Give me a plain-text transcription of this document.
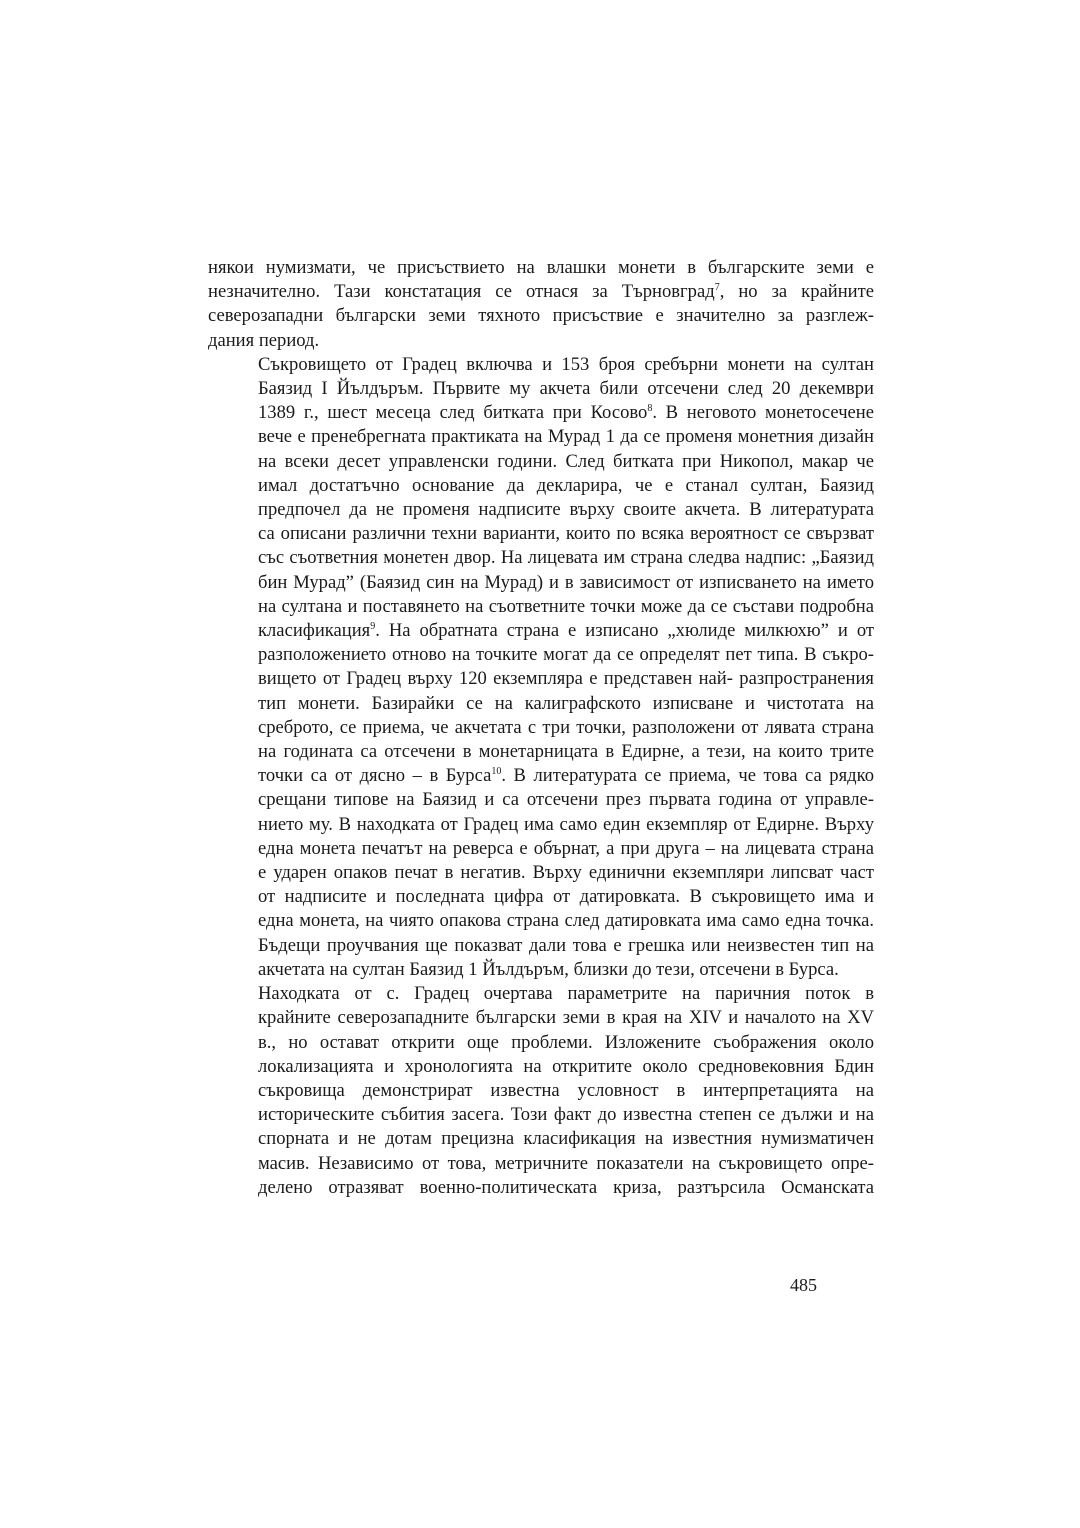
някои нумизмати, че присъствието на влашки монети в българските земи е
незначително. Тази констатация се отнася за Търновград$^7$, но за крайните
северозападни български земи тяхното присъствие е значително за разглеж-
дания период.

Съкровището от Градец включва и 153 броя сребърни монети на султан
Баязид I Йълдъръм. Първите му акчета били отсечени след 20 декември
1389 г., шест месеца след битката при Косово$^8$. В неговото монетосечене
вече е пренебрегната практиката на Мурад 1 да се променя монетния дизайн
на всеки десет управленски години. След битката при Никопол, макар че
имал достатъчно основание да декларира, че е станал султан, Баязид
предпочел да не променя надписите върху своите акчета. В литературата
са описани различни техни варианти, които по всяка вероятност се свързват
със съответния монетен двор. На лицевата им страна следва надпис: „Баязид
бин Мурад” (Баязид син на Мурад) и в зависимост от изписването на името
на султана и поставянето на съответните точки може да се състави подробна
класификация$^9$. На обратната страна е изписано „хюлиде милкюхю” и от
разположението отново на точките могат да се определят пет типа. В съкро-
вището от Градец върху 120 екземпляра е представен най- разпространения
тип монети. Базирайки се на калиграфското изписване и чистотата на
среброто, се приема, че акчетата с три точки, разположени от лявата страна
на годината са отсечени в монетарницата в Едирне, а тези, на които трите
точки са от дясно – в Бурса$^{10}$. В литературата се приема, че това са рядко
срещани типове на Баязид и са отсечени през първата година от управле-
нието му. В находката от Градец има само един екземпляр от Едирне. Върху
една монета печатът на реверса е обърнат, а при друга – на лицевата страна
е ударен опаков печат в негатив. Върху единични екземпляри липсват част
от надписите и последната цифра от датировката. В съкровището има и
една монета, на чиято опакова страна след датировката има само една точка.
Бъдещи проучвания ще показват дали това е грешка или неизвестен тип на
акчетата на султан Баязид 1 Йълдъръм, близки до тези, отсечени в Бурса.

Находката от с. Градец очертава параметрите на паричния поток в
крайните северозападните български земи в края на XIV и началото на XV
в., но остават открити още проблеми. Изложените съображения около
локализацията и хронологията на откритите около средновековния Бдин
съкровища демонстрират известна условност в интерпретацията на
историческите събития засега. Този факт до известна степен се дължи и на
спорната и не дотам прецизна класификация на известния нумизматичен
масив. Независимо от това, метричните показатели на съкровището опре-
делено отразяват военно-политическата криза, разтърсила Османската

485
